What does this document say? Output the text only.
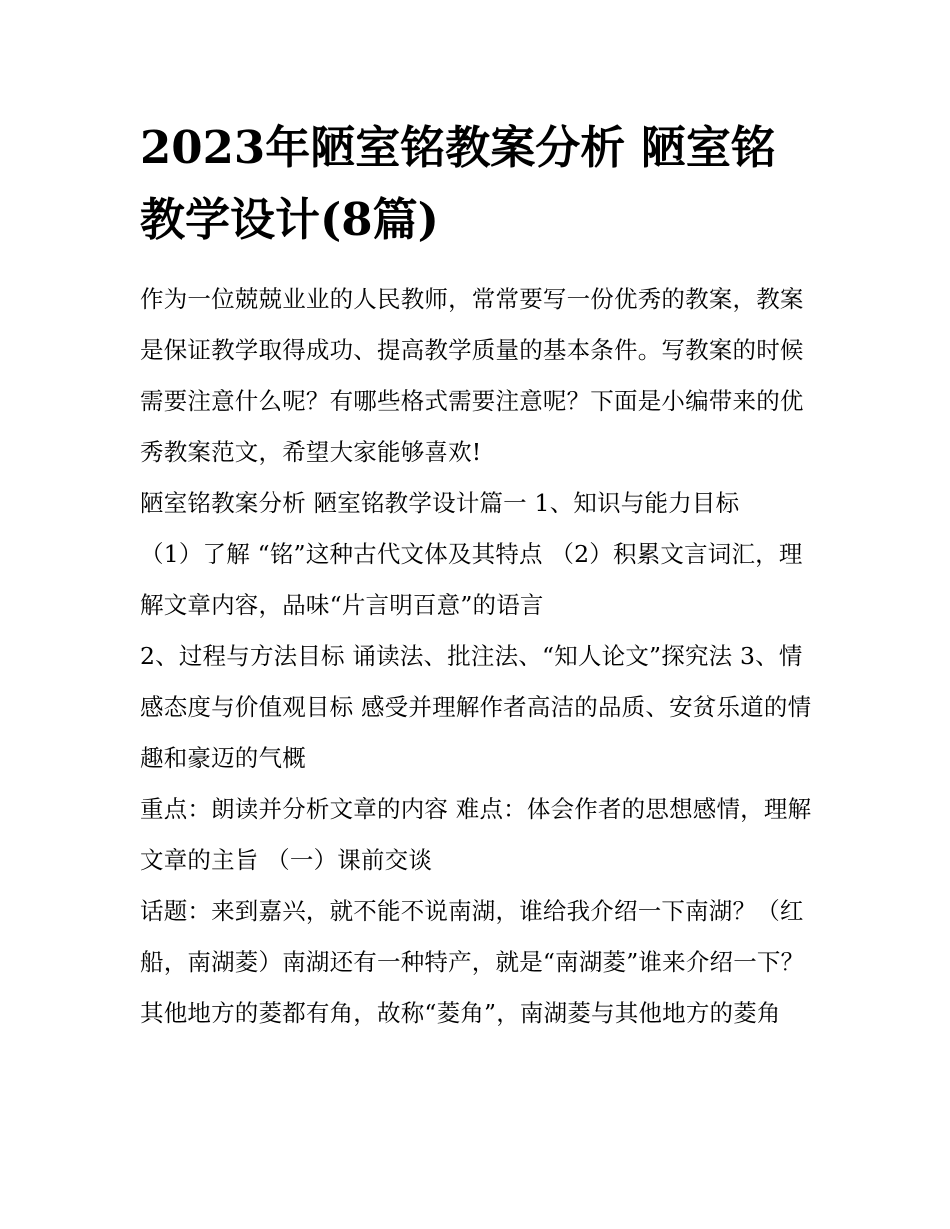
2023年陋室铭教案分析 陋室铭教学设计(8篇)

作为一位兢兢业业的人民教师，常常要写一份优秀的教案，教案是保证教学取得成功、提高教学质量的基本条件。写教案的时候需要注意什么呢？有哪些格式需要注意呢？下面是小编带来的优秀教案范文，希望大家能够喜欢!

陋室铭教案分析 陋室铭教学设计篇一 1、知识与能力目标

（1）了解 “铭”这种古代文体及其特点 （2）积累文言词汇，理解文章内容，品味“片言明百意”的语言

2、过程与方法目标 诵读法、批注法、“知人论文”探究法 3、情感态度与价值观目标 感受并理解作者高洁的品质、安贫乐道的情趣和豪迈的气概

重点：朗读并分析文章的内容 难点：体会作者的思想感情，理解文章的主旨 （一）课前交谈

话题：来到嘉兴，就不能不说南湖，谁给我介绍一下南湖？（红船，南湖菱）南湖还有一种特产，就是“南湖菱”谁来介绍一下？

其他地方的菱都有角，故称“菱角”，南湖菱与其他地方的菱角
